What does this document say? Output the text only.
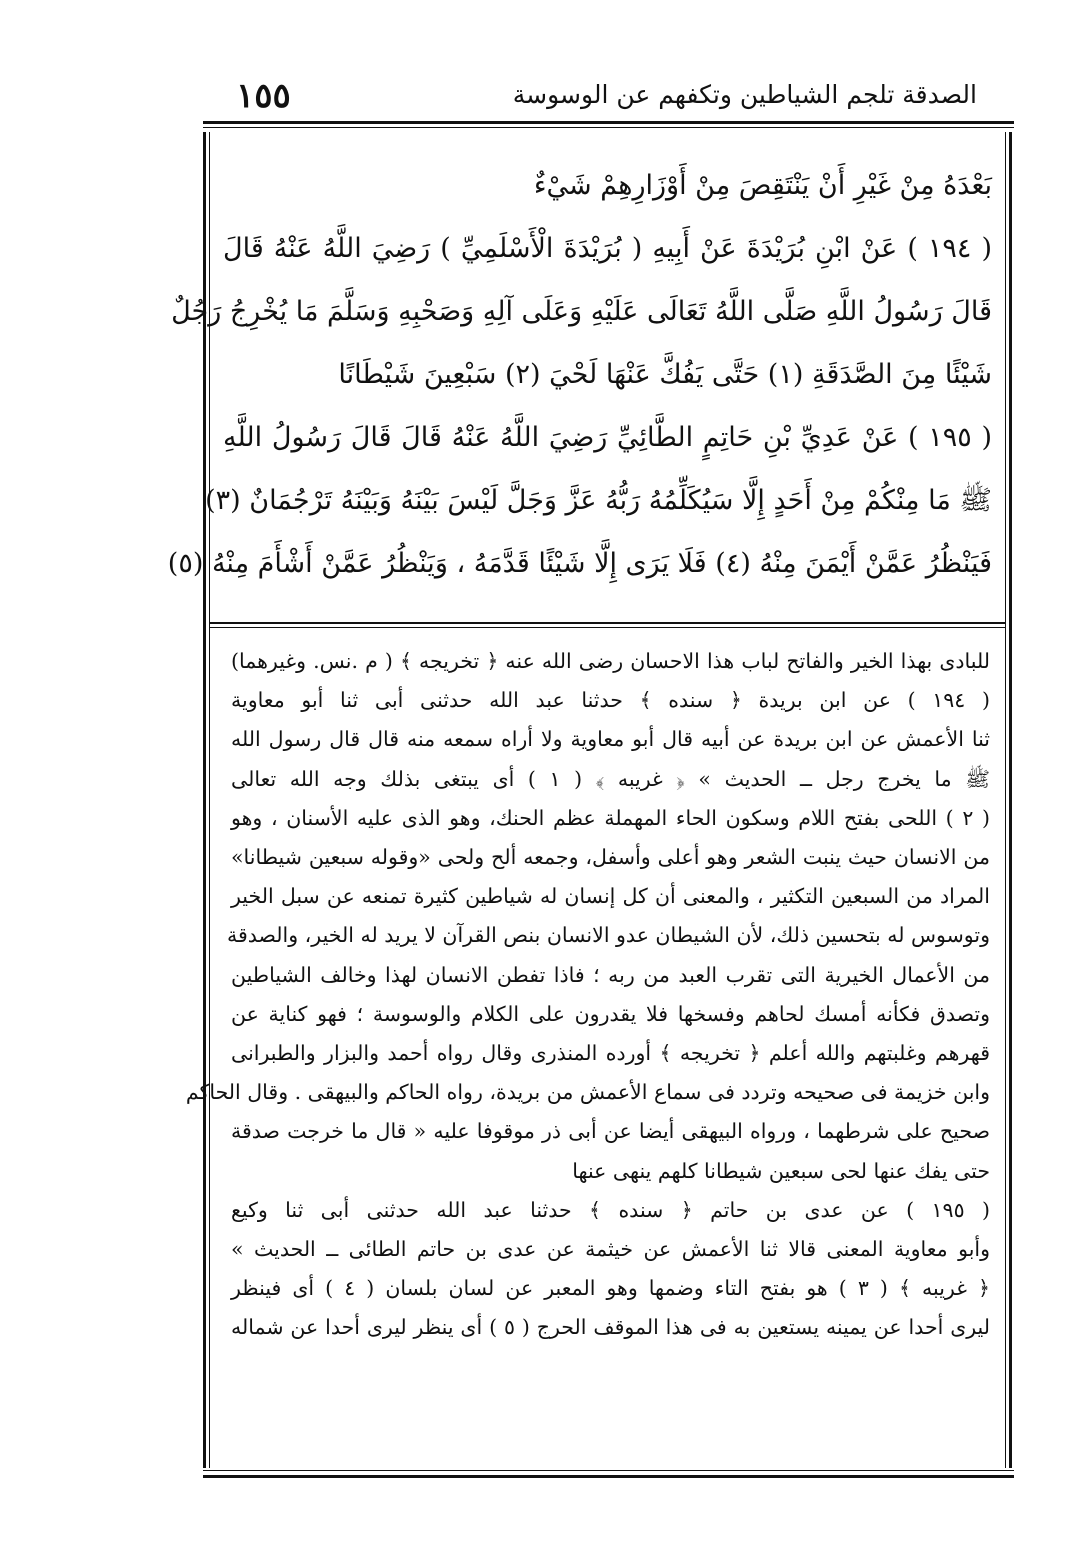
١٥٥	الصدقة تلجم الشياطين وتكفهم عن الوسوسة
بَعْدَهُ مِنْ غَيْرِ أَنْ يَنْتَقِصَ مِنْ أَوْزَارِهِمْ شَيْءٌ
( ١٩٤ ) عَنْ ابْنِ بُرَيْدَةَ عَنْ أَبِيهِ ( بُرَيْدَةَ الْأَسْلَمِيِّ ) رَضِيَ اللَّهُ عَنْهُ قَالَ
قَالَ رَسُولُ اللَّهِ صَلَّى اللَّهُ تَعَالَى عَلَيْهِ وَعَلَى آلِهِ وَصَحْبِهِ وَسَلَّمَ مَا يُخْرِجُ رَجُلٌ
شَيْئًا مِنَ الصَّدَقَةِ (١) حَتَّى يَفُكَّ عَنْهَا لَحْيَ (٢) سَبْعِينَ شَيْطَانًا
( ١٩٥ ) عَنْ عَدِيِّ بْنِ حَاتِمٍ الطَّائِيِّ رَضِيَ اللَّهُ عَنْهُ قَالَ قَالَ رَسُولُ اللَّهِ
ﷺ مَا مِنْكُمْ مِنْ أَحَدٍ إِلَّا سَيُكَلِّمُهُ رَبُّهُ عَزَّ وَجَلَّ لَيْسَ بَيْنَهُ وَبَيْنَهُ تَرْجُمَانٌ (٣)
فَيَنْظُرُ عَمَّنْ أَيْمَنَ مِنْهُ (٤) فَلَا يَرَى إِلَّا شَيْئًا قَدَّمَهُ ، وَيَنْظُرُ عَمَّنْ أَشْأَمَ مِنْهُ (٥)
للبادى بهذا الخير والفاتح لباب هذا الاحسان رضى الله عنه ﴿ تخريجه ﴾ ( م .نس. وغيرهما)
( ١٩٤ ) عن ابن بريدة ﴿ سنده ﴾ حدثنا عبد الله حدثنى أبى ثنا أبو معاوية
ثنا الأعمش عن ابن بريدة عن أبيه قال أبو معاوية ولا أراه سمعه منه قال قال رسول الله
ﷺ ما يخرج رجل ــ الحديث » ﴿ غريبه ﴾ ( ١ ) أى يبتغى بذلك وجه الله تعالى
( ٢ ) اللحى بفتح اللام وسكون الحاء المهملة عظم الحنك، وهو الذى عليه الأسنان ، وهو
من الانسان حيث ينبت الشعر وهو أعلى وأسفل، وجمعه ألح ولحى «وقوله سبعين شيطانا»
المراد من السبعين التكثير ، والمعنى أن كل إنسان له شياطين كثيرة تمنعه عن سبل الخير
وتوسوس له بتحسين ذلك، لأن الشيطان عدو الانسان بنص القرآن لا يريد له الخير، والصدقة
من الأعمال الخيرية التى تقرب العبد من ربه ؛ فاذا تفطن الانسان لهذا وخالف الشياطين
وتصدق فكأنه أمسك لحاهم وفسخها فلا يقدرون على الكلام والوسوسة ؛ فهو كناية عن
قهرهم وغلبتهم والله أعلم ﴿ تخريجه ﴾ أورده المنذرى وقال رواه أحمد والبزار والطبرانى
وابن خزيمة فى صحيحه وتردد فى سماع الأعمش من بريدة، رواه الحاكم والبيهقى . وقال الحاكم
صحيح على شرطهما ، ورواه البيهقى أيضا عن أبى ذر موقوفا عليه « قال ما خرجت صدقة
حتى يفك عنها لحى سبعين شيطانا كلهم ينهى عنها
( ١٩٥ ) عن عدى بن حاتم ﴿ سنده ﴾ حدثنا عبد الله حدثنى أبى ثنا وكيع
وأبو معاوية المعنى قالا ثنا الأعمش عن خيثمة عن عدى بن حاتم الطائى ــ الحديث »
﴿ غريبه ﴾ ( ٣ ) هو بفتح التاء وضمها وهو المعبر عن لسان بلسان ( ٤ ) أى فينظر
ليرى أحدا عن يمينه يستعين به فى هذا الموقف الحرج ( ٥ ) أى ينظر ليرى أحدا عن شماله
